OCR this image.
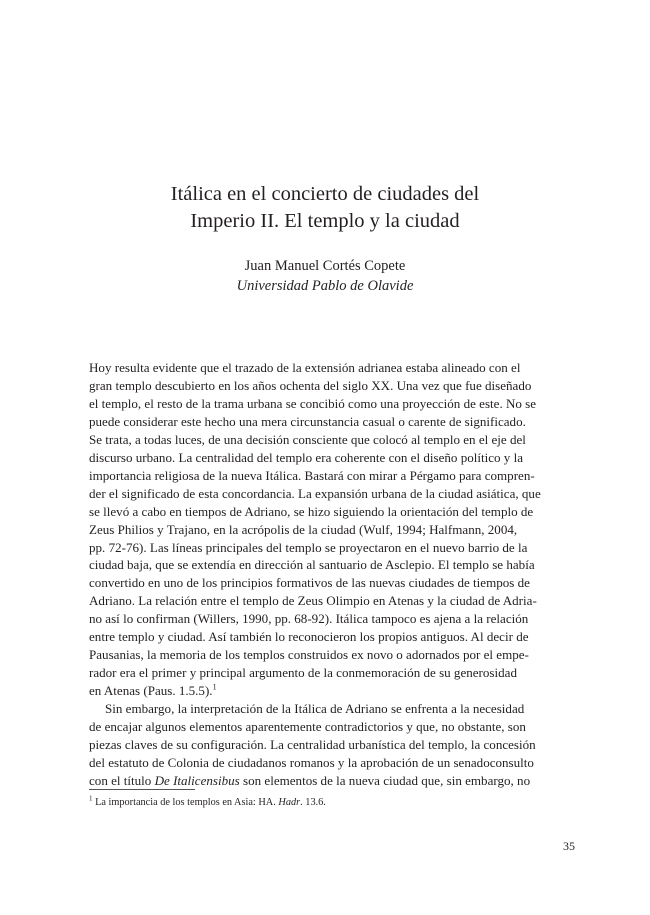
Itálica en el concierto de ciudades del
Imperio II. El templo y la ciudad
Juan Manuel Cortés Copete
Universidad Pablo de Olavide
Hoy resulta evidente que el trazado de la extensión adrianea estaba alineado con el
gran templo descubierto en los años ochenta del siglo XX. Una vez que fue diseñado
el templo, el resto de la trama urbana se concibió como una proyección de este. No se
puede considerar este hecho una mera circunstancia casual o carente de significado.
Se trata, a todas luces, de una decisión consciente que colocó al templo en el eje del
discurso urbano. La centralidad del templo era coherente con el diseño político y la
importancia religiosa de la nueva Itálica. Bastará con mirar a Pérgamo para compren-
der el significado de esta concordancia. La expansión urbana de la ciudad asiática, que
se llevó a cabo en tiempos de Adriano, se hizo siguiendo la orientación del templo de
Zeus Philios y Trajano, en la acrópolis de la ciudad (Wulf, 1994; Halfmann, 2004,
pp. 72-76). Las líneas principales del templo se proyectaron en el nuevo barrio de la
ciudad baja, que se extendía en dirección al santuario de Asclepio. El templo se había
convertido en uno de los principios formativos de las nuevas ciudades de tiempos de
Adriano. La relación entre el templo de Zeus Olimpio en Atenas y la ciudad de Adria-
no así lo confirman (Willers, 1990, pp. 68-92). Itálica tampoco es ajena a la relación
entre templo y ciudad. Así también lo reconocieron los propios antiguos. Al decir de
Pausanias, la memoria de los templos construidos ex novo o adornados por el empe-
rador era el primer y principal argumento de la conmemoración de su generosidad
en Atenas (Paus. 1.5.5).$^1$
Sin embargo, la interpretación de la Itálica de Adriano se enfrenta a la necesidad
de encajar algunos elementos aparentemente contradictorios y que, no obstante, son
piezas claves de su configuración. La centralidad urbanística del templo, la concesión
del estatuto de Colonia de ciudadanos romanos y la aprobación de un senadoconsulto
con el título De Italicensibus son elementos de la nueva ciudad que, sin embargo, no
$^1$ La importancia de los templos en Asia: HA. Hadr. 13.6.
35
